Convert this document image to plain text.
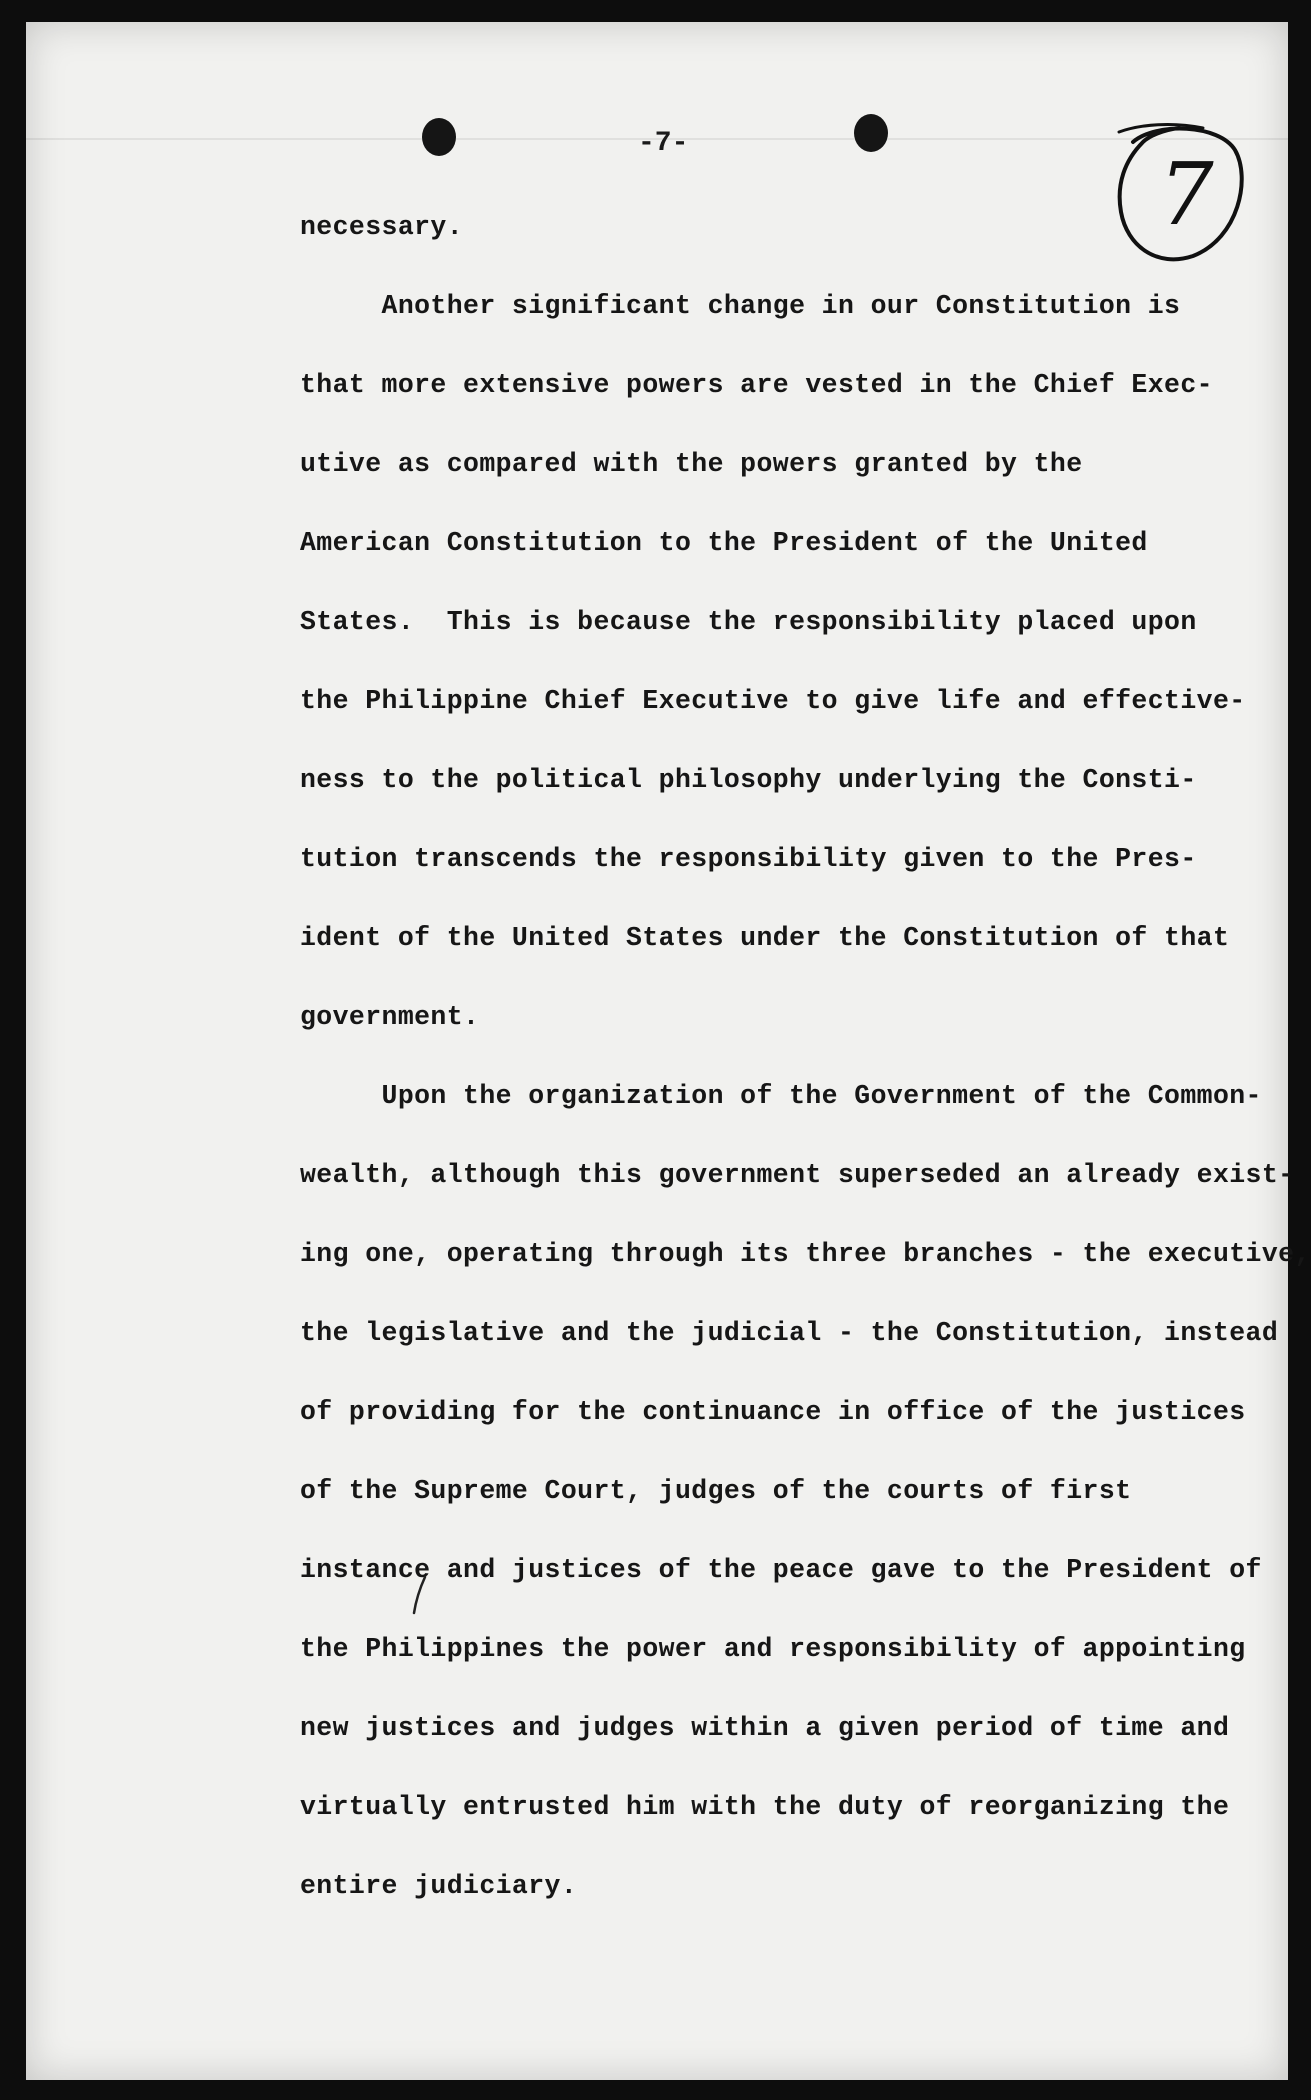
-7-
7
necessary.
Another significant change in our Constitution is
that more extensive powers are vested in the Chief Exec-
utive as compared with the powers granted by the
American Constitution to the President of the United
States.  This is because the responsibility placed upon
the Philippine Chief Executive to give life and effective-
ness to the political philosophy underlying the Consti-
tution transcends the responsibility given to the Pres-
ident of the United States under the Constitution of that
government.
Upon the organization of the Government of the Common-
wealth, although this government superseded an already exist-
ing one, operating through its three branches - the executive,
the legislative and the judicial - the Constitution, instead
of providing for the continuance in office of the justices
of the Supreme Court, judges of the courts of first
instance and justices of the peace gave to the President of
the Philippines the power and responsibility of appointing
new justices and judges within a given period of time and
virtually entrusted him with the duty of reorganizing the
entire judiciary.
